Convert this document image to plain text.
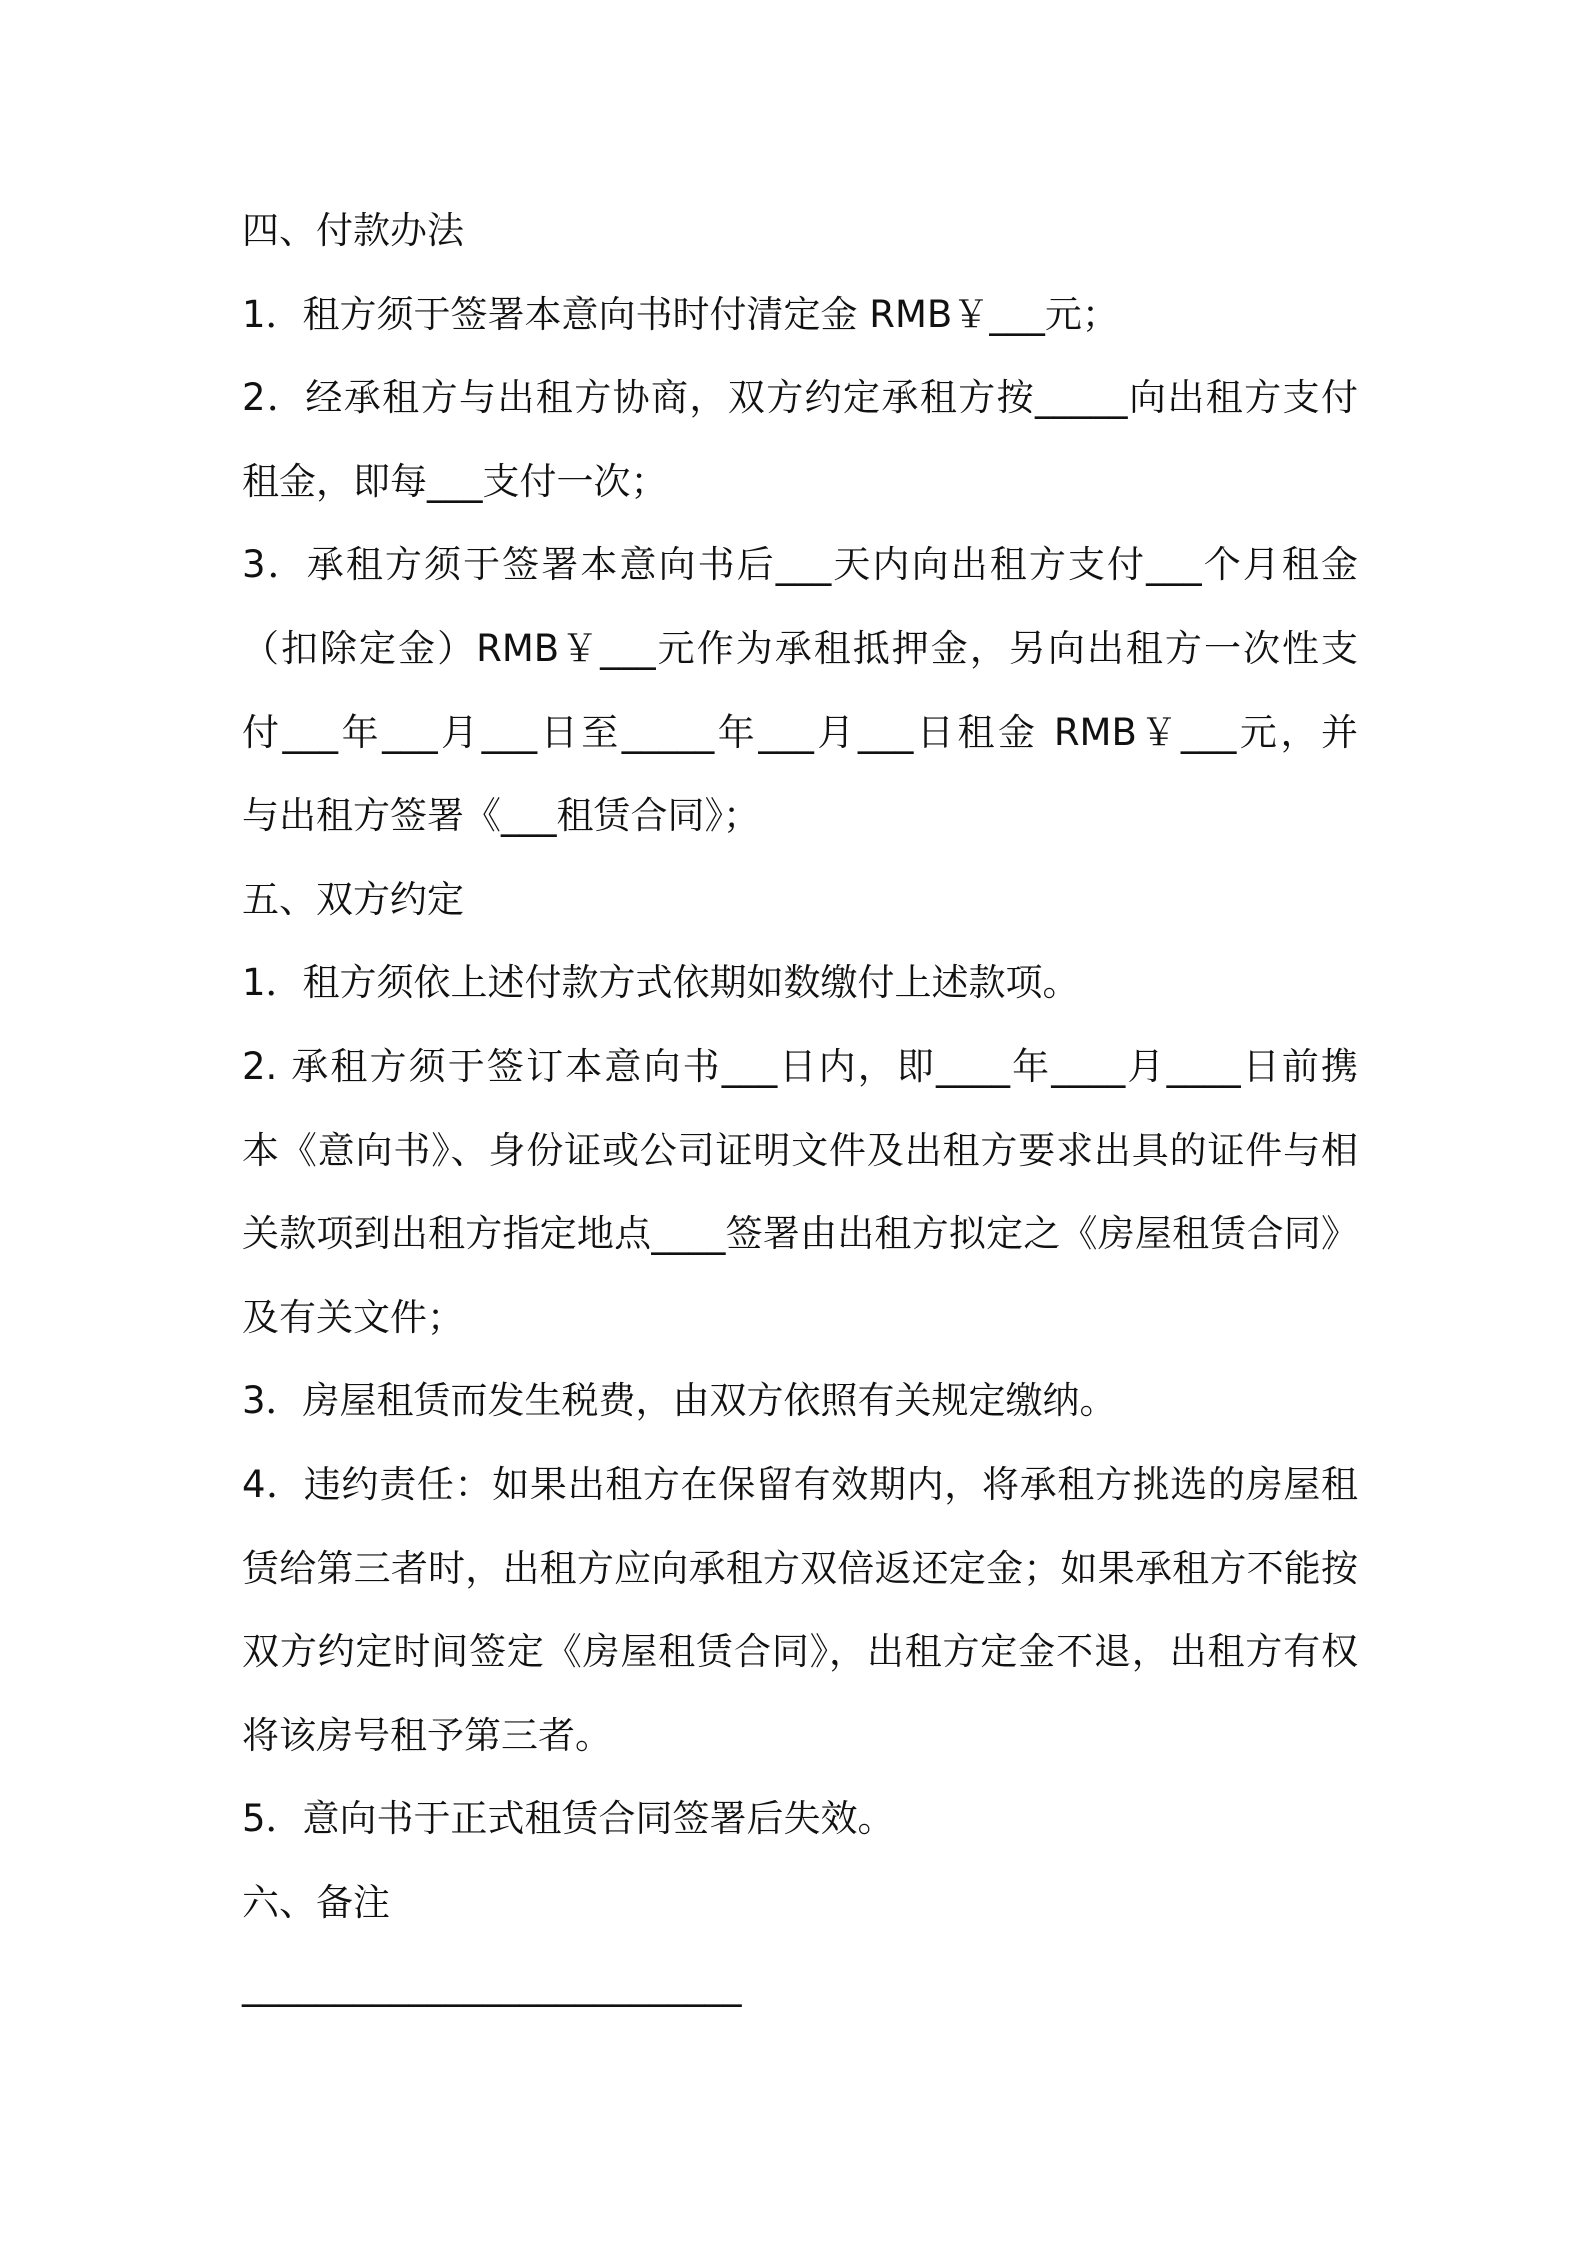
四、付款办法
1．租方须于签署本意向书时付清定金 RMB￥___元；
2．经承租方与出租方协商，双方约定承租方按_____向出租方支付
租金，即每___支付一次；
3．承租方须于签署本意向书后___天内向出租方支付___个月租金
（扣除定金）RMB￥___元作为承租抵押金，另向出租方一次性支
付___年___月___日至_____年___月___日租金 RMB￥___元，并
与出租方签署《___租赁合同》；
五、双方约定
1．租方须依上述付款方式依期如数缴付上述款项。
2. 承租方须于签订本意向书___日内，即____年____月____日前携
本《意向书》、身份证或公司证明文件及出租方要求出具的证件与相
关款项到出租方指定地点____签署由出租方拟定之《房屋租赁合同》
及有关文件；
3．房屋租赁而发生税费，由双方依照有关规定缴纳。
4．违约责任：如果出租方在保留有效期内，将承租方挑选的房屋租
赁给第三者时，出租方应向承租方双倍返还定金；如果承租方不能按
双方约定时间签定《房屋租赁合同》，出租方定金不退，出租方有权
将该房号租予第三者。
5．意向书于正式租赁合同签署后失效。
六、备注
___________________________
